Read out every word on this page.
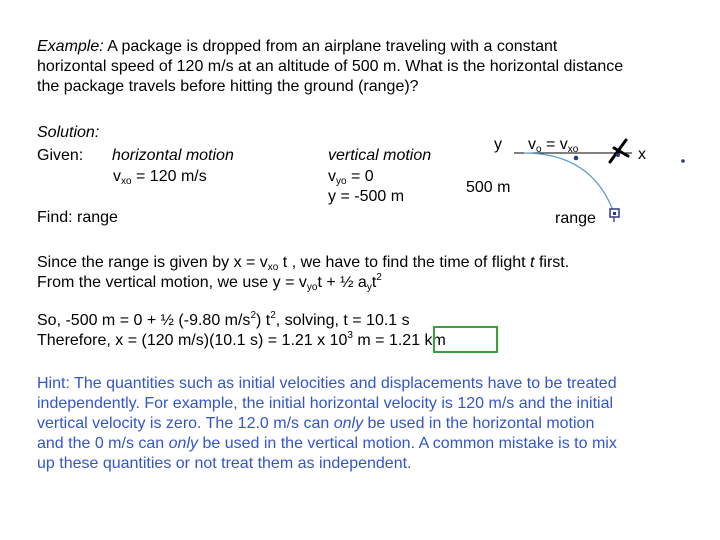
Example: A package is dropped from an airplane traveling with a constant
horizontal speed of 120 m/s at an altitude of 500 m. What is the horizontal distance
the package travels before hitting the ground (range)?
Solution:
Given: horizontal motion
$v_{xo} = 120$ m/s
vertical motion
$v_{yo} = 0$
y = -500 m
Find: range
y $v_o = v_{xo}$	x
500 m
range
Since the range is given by $x = v_{xo}$ t , we have to find the time of flight t first.
From the vertical motion, we use $y = v_{yo}t$ + ½ $a_yt^2$
So, -500 m = 0 + ½ (-9.80 $m/s^2$) $t^2$, solving, t = 10.1 s
Therefore, x = (120 m/s)(10.1 s) = 1.21 x $10^3$ m = 1.21 km
Hint: The quantities such as initial velocities and displacements have to be treated
independently. For example, the initial horizontal velocity is 120 m/s and the initial
vertical velocity is zero. The 12.0 m/s can only be used in the horizontal motion
and the 0 m/s can only be used in the vertical motion. A common mistake is to mix
up these quantities or not treat them as independent.
